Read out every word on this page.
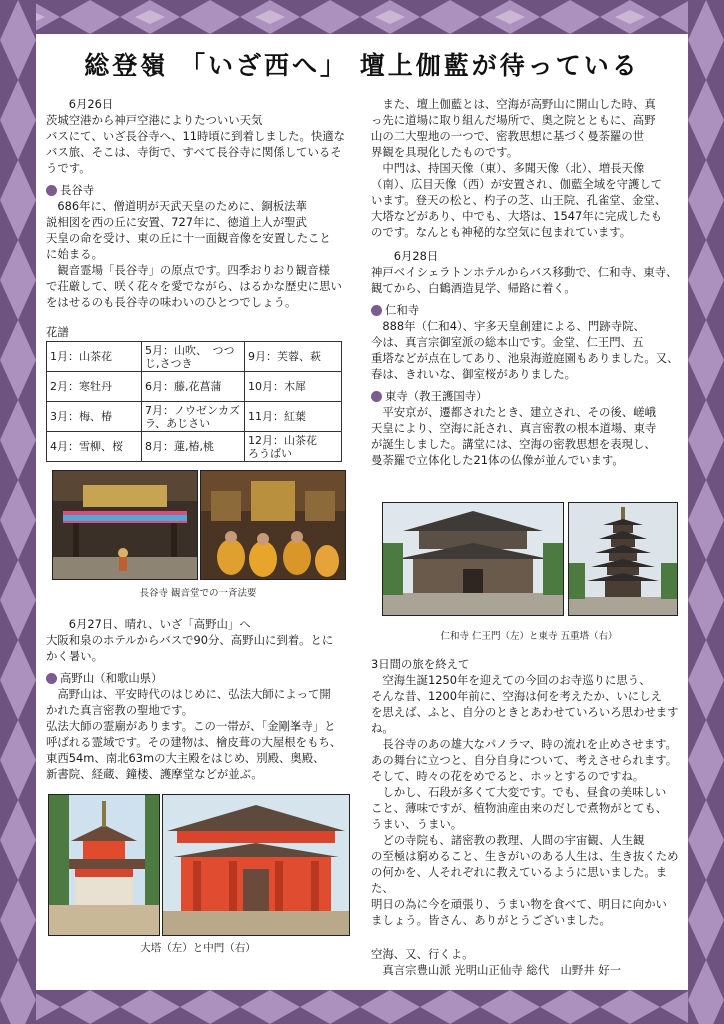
総登嶺 「いざ西へ」 壇上伽藍が待っている

6月26日

茨城空港から神戸空港によりたついい天気

バスにて、いざ長谷寺へ、11時頃に到着しました。快適な

バス旅、そこは、寺街で、すべて長谷寺に関係しているそ

うです。

長谷寺

686年に、僧道明が天武天皇のために、銅板法華

説相図を西の丘に安置、727年に、徳道上人が聖武

天皇の命を受け、東の丘に十一面観音像を安置したこと

に始まる。

観音霊場「長谷寺」の原点です。四季おりおり観音様

で荘厳して、咲く花々を愛でながら、はるかな歴史に思い

をはせるのも長谷寺の味わいのひとつでしょう。

花譜

1月：山茶花	5月：山吹、　つつじ,さつき	9月：芙蓉、萩
2月：寒牡丹	6月：藤,花菖蒲	10月：木犀
3月：梅、椿	7月：ノウゼンカズラ、あじさい	11月：紅葉
4月：雪柳、桜	8月：蓮,椿,桃	12月：山茶花　ろうばい
長谷寺 観音堂での一斉法要

6月27日、晴れ、いざ「高野山」へ

大阪和泉のホテルからバスで90分、高野山に到着。とに

かく暑い。

高野山（和歌山県）

高野山は、平安時代のはじめに、弘法大師によって開

かれた真言密教の聖地です。

弘法大師の霊廟があります。この一帯が、「金剛峯寺」と

呼ばれる霊域です。その建物は、檜皮葺の大屋根をもち、

東西54m、南北63mの大主殿をはじめ、別殿、奥殿、

新書院、経蔵、鐘楼、護摩堂などが並ぶ。

大塔（左）と中門（右）

また、壇上伽藍とは、空海が高野山に開山した時、真

っ先に道場に取り組んだ場所で、奥之院とともに、高野

山の二大聖地の一つで、密教思想に基づく曼荼羅の世

界観を具現化したものです。

中門は、持国天像（東）、多聞天像（北）、増長天像

（南）、広目天像（西）が安置され、伽藍全域を守護して

います。登天の松と、杓子の芝、山王院、孔雀堂、金堂、

大塔などがあり、中でも、大塔は、1547年に完成したも

のです。なんとも神秘的な空気に包まれています。

6月28日

神戸ベイシェラトンホテルからバス移動で、仁和寺、東寺、

観てから、白鶴酒造見学、帰路に着く。

仁和寺

888年（仁和4）、宇多天皇創建による、門跡寺院、

今は、真言宗御室派の総本山です。金堂、仁王門、五

重塔などが点在してあり、池泉海遊庭園もありました。又、

春は、きれいな、御室桜がありました。

東寺（教王護国寺）

平安京が、遷都されたとき、建立され、その後、嵯峨

天皇により、空海に託され、真言密教の根本道場、東寺

が誕生しました。講堂には、空海の密教思想を表現し、

曼荼羅で立体化した21体の仏像が並んでいます。

仁和寺 仁王門（左）と東寺 五重塔（右）

3日間の旅を終えて

空海生誕1250年を迎えての今回のお寺巡りに思う、

そんな昔、1200年前に、空海は何を考えたか、いにしえ

を思えば、ふと、自分のときとあわせていろいろ思わせますね。

長谷寺のあの雄大なパノラマ、時の流れを止めさせます。

あの舞台に立つと、自分自身について、考えさせられます。

そして、時々の花をめでると、ホッとするのですね。

しかし、石段が多くて大変です。でも、昼食の美味しい

こと、薄味ですが、植物油産由来のだしで煮物がとても、

うまい、うまい。

どの寺院も、諸密教の教理、人間の宇宙観、人生観

の至極は窮めること、生きがいのある人生は、生き抜くため

の何かを、人それぞれに教えているように思いました。また、

明日の為に今を頑張り、うまい物を食べて、明日に向かい

ましょう。皆さん、ありがとうございました。

空海、又、行くよ。

真言宗豊山派 光明山正仙寺 総代　山野井 好一
